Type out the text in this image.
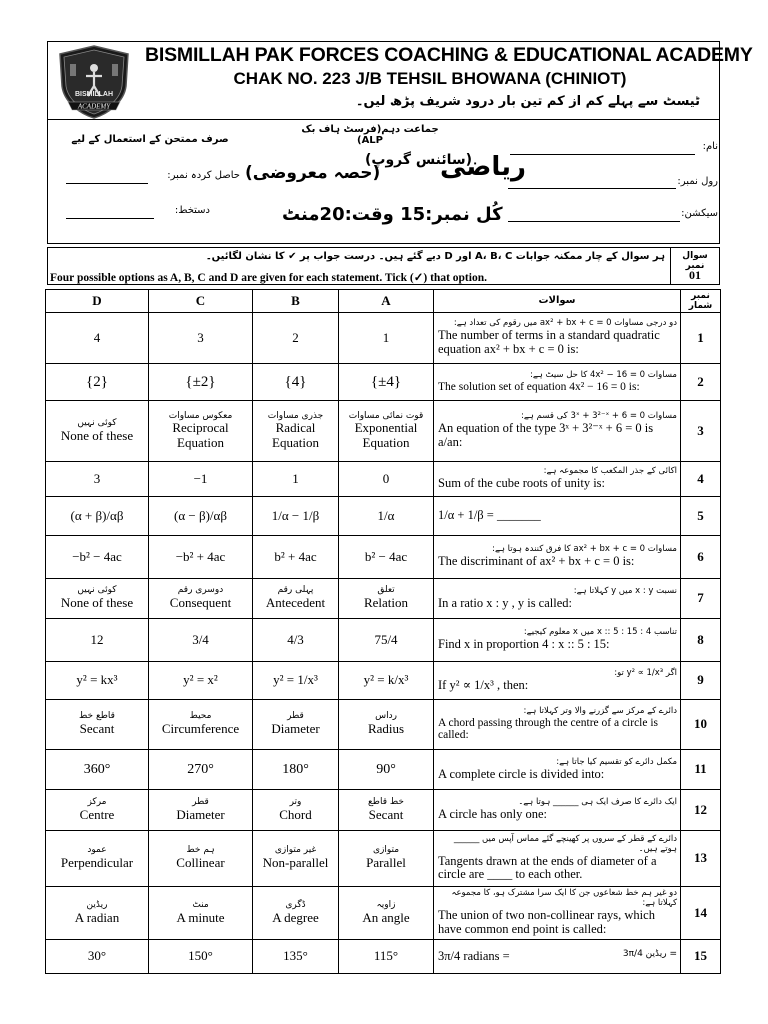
BISMILLAH
ACADEMY
BISMILLAH PAK FORCES COACHING & EDUCATIONAL ACADEMY
CHAK NO. 223 J/B TEHSIL BHOWANA (CHINIOT)
ٹیسٹ سے پہلے کم از کم تین بار درود شریف پڑھ لیں۔
جماعت دہم(فرسٹ ہاف بک ALP)
صرف ممتحن کے استعمال کے لیے
حاصل کردہ نمبر:
دستخط:
نام:
رول نمبر:
سیکشن:
ریاضی
(سائنس گروپ)
(حصہ معروضی)
کُل نمبر:15 وقت:20منٹ
ہر سوال کے چار ممکنہ جوابات A، B، C اور D دیے گئے ہیں۔ درست جواب پر ✔ کا نشان لگائیں۔
Four possible options as A, B, C and D are given for each statement. Tick (✓) that option.
سوال نمبر
01
D	C	B	A	سوالات	نمبر شمار
4	3	2	1	دو درجی مساوات ax² + bx + c = 0 میں رقوم کی تعداد ہے:
The number of terms in a standard quadratic equation ax² + bx + c = 0 is:	1
{2}	{±2}	{4}	{±4}	مساوات 4x² − 16 = 0 کا حل سیٹ ہے:
The solution set of equation 4x² − 16 = 0 is:	2

کوئی نہیں
None of these	معکوس مساوات
Reciprocal Equation	جذری مساوات
Radical Equation	قوت نمائی مساوات
Exponential Equation	مساوات 3ˣ + 3²⁻ˣ + 6 = 0 کی قسم ہے:
An equation of the type 3ˣ + 3²⁻ˣ + 6 = 0 is a/an:	3
3	−1	1	0	اکائی کے جذر المکعب کا مجموعہ ہے:
Sum of the cube roots of unity is:	4
(α + β)/αβ	(α − β)/αβ	1/α − 1/β	1/α	1/α + 1/β = _______	5
−b² − 4ac	−b² + 4ac	b² + 4ac	b² − 4ac	مساوات ax² + bx + c = 0 کا فرق کنندہ ہوتا ہے:
The discriminant of ax² + bx + c = 0 is:	6

کوئی نہیں
None of these	دوسری رقم
Consequent	پہلی رقم
Antecedent	تعلق
Relation	نسبت x : y میں y کہلاتا ہے:
In a ratio x : y , y is called:	7
12	3/4	4/3	75/4	تناسب 4 : x :: 5 : 15 میں x معلوم کیجیے:
Find x in proportion 4 : x :: 5 : 15:	8
y² = kx³	y² = x²	y² = 1/x³	y² = k/x³	اگر y² ∝ 1/x³ تو:
If y² ∝ 1/x³ , then:	9

قاطع خط
Secant	محیط
Circumference	قطر
Diameter	رداس
Radius	دائرے کے مرکز سے گزرنے والا وتر کہلاتا ہے:
A chord passing through the centre of a circle is called:	10
360°	270°	180°	90°	مکمل دائرے کو تقسیم کیا جاتا ہے:
A complete circle is divided into:	11

مرکز
Centre	قطر
Diameter	وتر
Chord	خط قاطع
Secant	ایک دائرے کا صرف ایک ہی ______ ہوتا ہے۔
A circle has only one:	12

عمود
Perpendicular	ہم خط
Collinear	غیر متوازی
Non-parallel	متوازی
Parallel	دائرے کے قطر کے سروں پر کھینچے گئے مماس آپس میں ______ ہوتے ہیں۔
Tangents drawn at the ends of diameter of a circle are ____ to each other.	13

ریڈین
A radian	منٹ
A minute	ڈگری
A degree	زاویہ
An angle	دو غیر ہم خط شعاعوں جن کا ایک سرا مشترک ہو، کا مجموعہ کہلاتا ہے:
The union of two non-collinear rays, which have common end point is called:	14
30°	150°	135°	115°	3π/4 radians = 3π/4 ریڈین =	15
